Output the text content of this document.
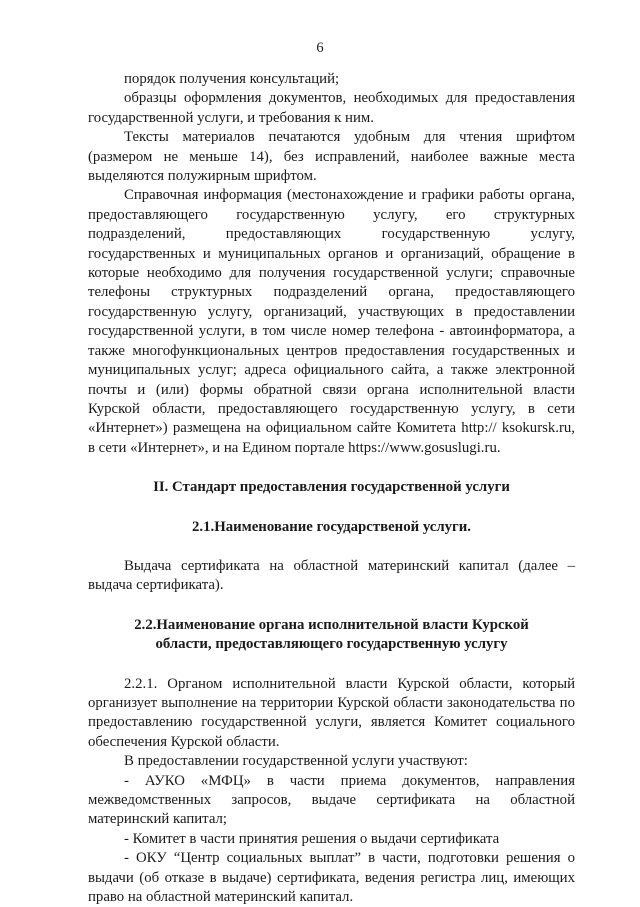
6

порядок получения консультаций;

образцы оформления документов, необходимых для предоставления государственной услуги, и требования к ним.

Тексты материалов печатаются удобным для чтения шрифтом (размером не меньше 14), без исправлений, наиболее важные места выделяются полужирным шрифтом.

Справочная информация (местонахождение и графики работы органа, предоставляющего государственную услугу, его структурных подразделений, предоставляющих государственную услугу, государственных и муниципальных органов и организаций, обращение в которые необходимо для получения государственной услуги; справочные телефоны структурных подразделений органа, предоставляющего государственную услугу, организаций, участвующих в предоставлении государственной услуги, в том числе номер телефона - автоинформатора, а также многофункциональных центров предоставления государственных и муниципальных услуг; адреса официального сайта, а также электронной почты и (или) формы обратной связи органа исполнительной власти Курской области, предоставляющего государственную услугу, в сети «Интернет») размещена на официальном сайте Комитета http:// ksokursk.ru, в сети «Интернет», и на Едином портале https://www.gosuslugi.ru.

II. Стандарт предоставления государственной услуги
2.1.Наименование государственой услуги.

Выдача сертификата на областной материнский капитал (далее – выдача сертификата).

2.2.Наименование органа исполнительной власти Курской
области, предоставляющего государственную услугу

2.2.1. Органом исполнительной власти Курской области, который организует выполнение на территории Курской области законодательства по предоставлению государственной услуги, является Комитет социального обеспечения Курской области.

В предоставлении государственной услуги участвуют:

- АУКО «МФЦ» в части приема документов, направления межведомственных запросов, выдаче сертификата на областной материнский капитал;

- Комитет в части принятия решения о выдачи сертификата

- ОКУ “Центр социальных выплат” в части, подготовки решения о выдачи (об отказе в выдаче) сертификата, ведения регистра лиц, имеющих право на областной материнский капитал.
